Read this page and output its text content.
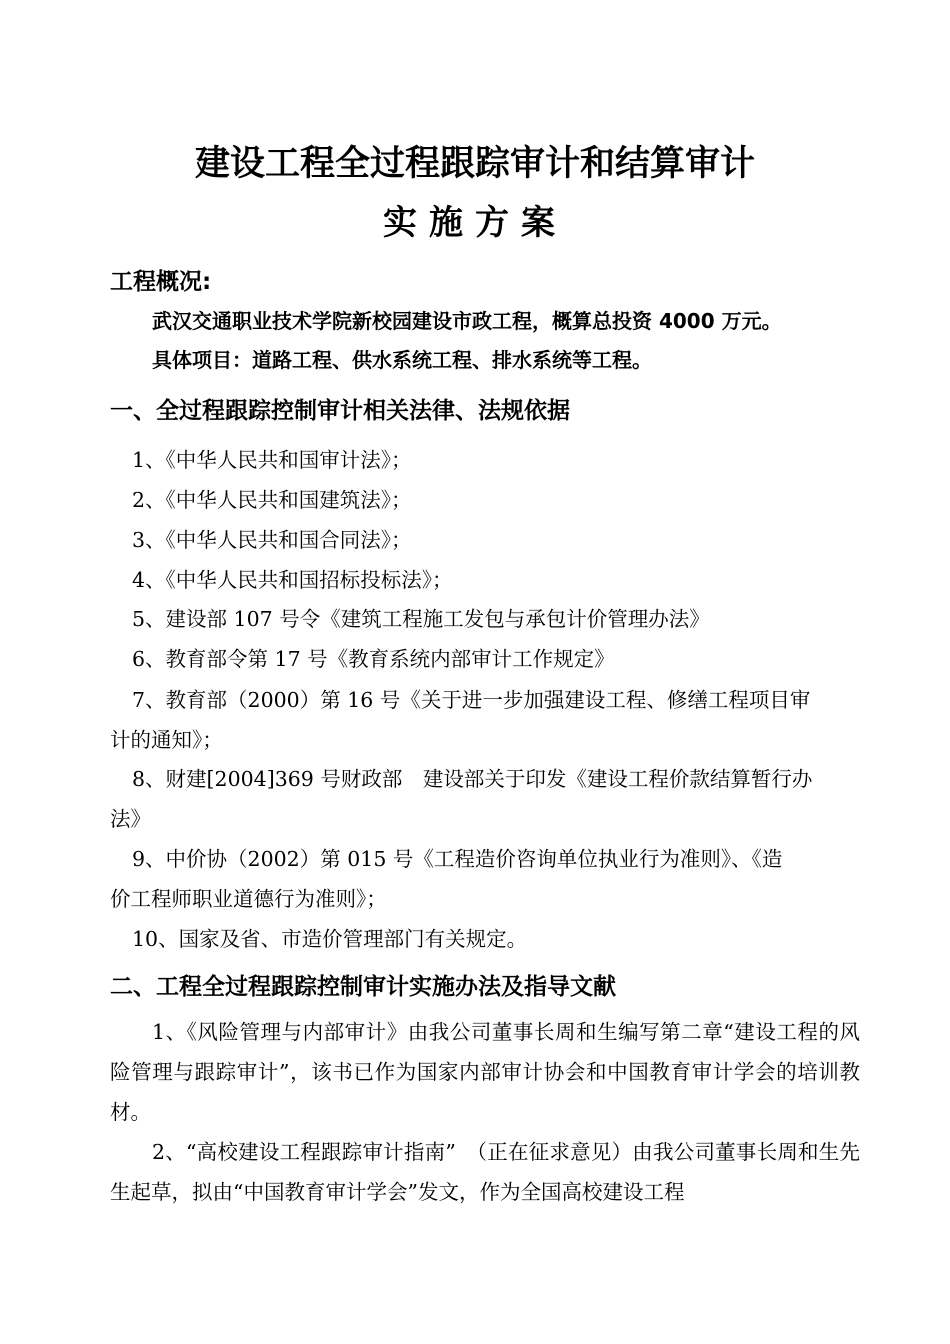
建设工程全过程跟踪审计和结算审计
实施方案
工程概况:
武汉交通职业技术学院新校园建设市政工程，概算总投资 4000 万元。
具体项目：道路工程、供水系统工程、排水系统等工程。
一、全过程跟踪控制审计相关法律、法规依据
1、《中华人民共和国审计法》；
2、《中华人民共和国建筑法》；
3、《中华人民共和国合同法》；
4、《中华人民共和国招标投标法》；
5、建设部 107 号令《建筑工程施工发包与承包计价管理办法》
6、教育部令第 17 号《教育系统内部审计工作规定》
7、教育部（2000）第 16 号《关于进一步加强建设工程、修缮工程项目审
计的通知》；
8、财建[2004]369 号财政部　建设部关于印发《建设工程价款结算暂行办
法》
9、中价协（2002）第 015 号《工程造价咨询单位执业行为准则》、《造
价工程师职业道德行为准则》；
10、国家及省、市造价管理部门有关规定。
二、工程全过程跟踪控制审计实施办法及指导文献
1、《风险管理与内部审计》由我公司董事长周和生编写第二章“建设工程的风险管理与跟踪审计”，该书已作为国家内部审计协会和中国教育审计学会的培训教材。
2、“高校建设工程跟踪审计指南”　（正在征求意见）由我公司董事长周和生先生起草，拟由“中国教育审计学会”发文，作为全国高校建设工程
